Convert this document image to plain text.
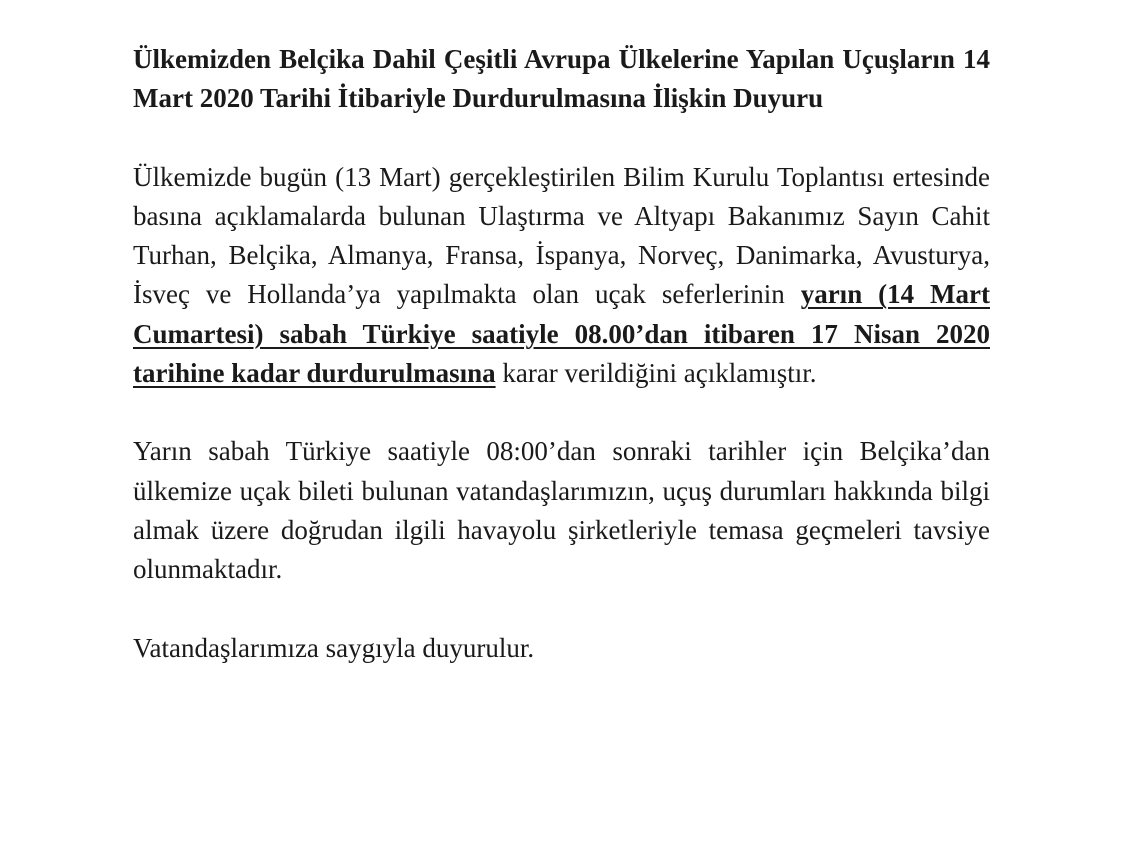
Ülkemizden Belçika Dahil Çeşitli Avrupa Ülkelerine Yapılan Uçuşların 14 Mart 2020 Tarihi İtibariyle Durdurulmasına İlişkin Duyuru

Ülkemizde bugün (13 Mart) gerçekleştirilen Bilim Kurulu Toplantısı ertesinde basına açıklamalarda bulunan Ulaştırma ve Altyapı Bakanımız Sayın Cahit Turhan, Belçika, Almanya, Fransa, İspanya, Norveç, Danimarka, Avusturya, İsveç ve Hollanda’ya yapılmakta olan uçak seferlerinin yarın (14 Mart Cumartesi) sabah Türkiye saatiyle 08.00’dan itibaren 17 Nisan 2020 tarihine kadar durdurulmasına karar verildiğini açıklamıştır.

Yarın sabah Türkiye saatiyle 08:00’dan sonraki tarihler için Belçika’dan ülkemize uçak bileti bulunan vatandaşlarımızın, uçuş durumları hakkında bilgi almak üzere doğrudan ilgili havayolu şirketleriyle temasa geçmeleri tavsiye olunmaktadır.

Vatandaşlarımıza saygıyla duyurulur.
